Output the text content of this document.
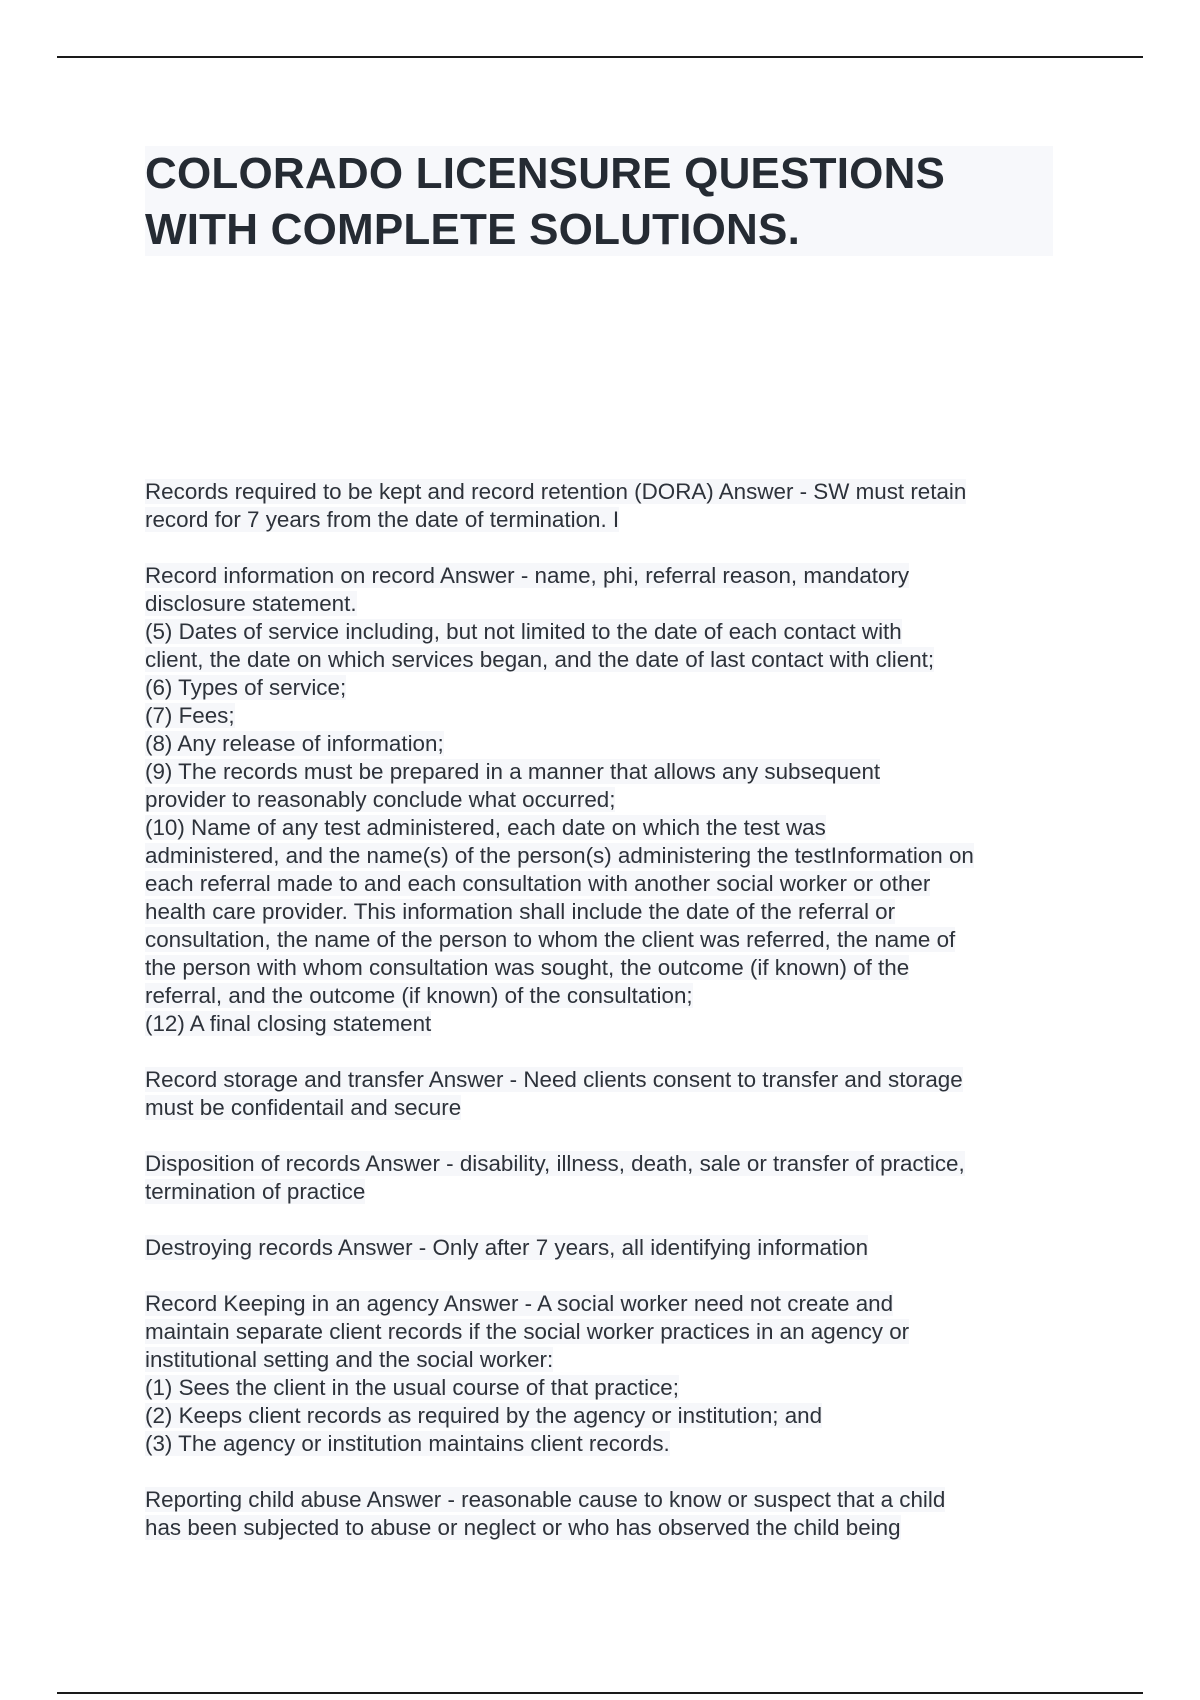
COLORADO LICENSURE QUESTIONS
WITH COMPLETE SOLUTIONS.
Records required to be kept and record retention (DORA) Answer - SW must retain
record for 7 years from the date of termination. I
Record information on record Answer - name, phi, referral reason, mandatory
disclosure statement.
(5) Dates of service including, but not limited to the date of each contact with
client, the date on which services began, and the date of last contact with client;
(6) Types of service;
(7) Fees;
(8) Any release of information;
(9) The records must be prepared in a manner that allows any subsequent
provider to reasonably conclude what occurred;
(10) Name of any test administered, each date on which the test was
administered, and the name(s) of the person(s) administering the testInformation on
each referral made to and each consultation with another social worker or other
health care provider. This information shall include the date of the referral or
consultation, the name of the person to whom the client was referred, the name of
the person with whom consultation was sought, the outcome (if known) of the
referral, and the outcome (if known) of the consultation;
(12) A final closing statement
Record storage and transfer Answer - Need clients consent to transfer and storage
must be confidentail and secure
Disposition of records Answer - disability, illness, death, sale or transfer of practice,
termination of practice
Destroying records Answer - Only after 7 years, all identifying information
Record Keeping in an agency Answer - A social worker need not create and
maintain separate client records if the social worker practices in an agency or
institutional setting and the social worker:
(1) Sees the client in the usual course of that practice;
(2) Keeps client records as required by the agency or institution; and
(3) The agency or institution maintains client records.
Reporting child abuse Answer - reasonable cause to know or suspect that a child
has been subjected to abuse or neglect or who has observed the child being
